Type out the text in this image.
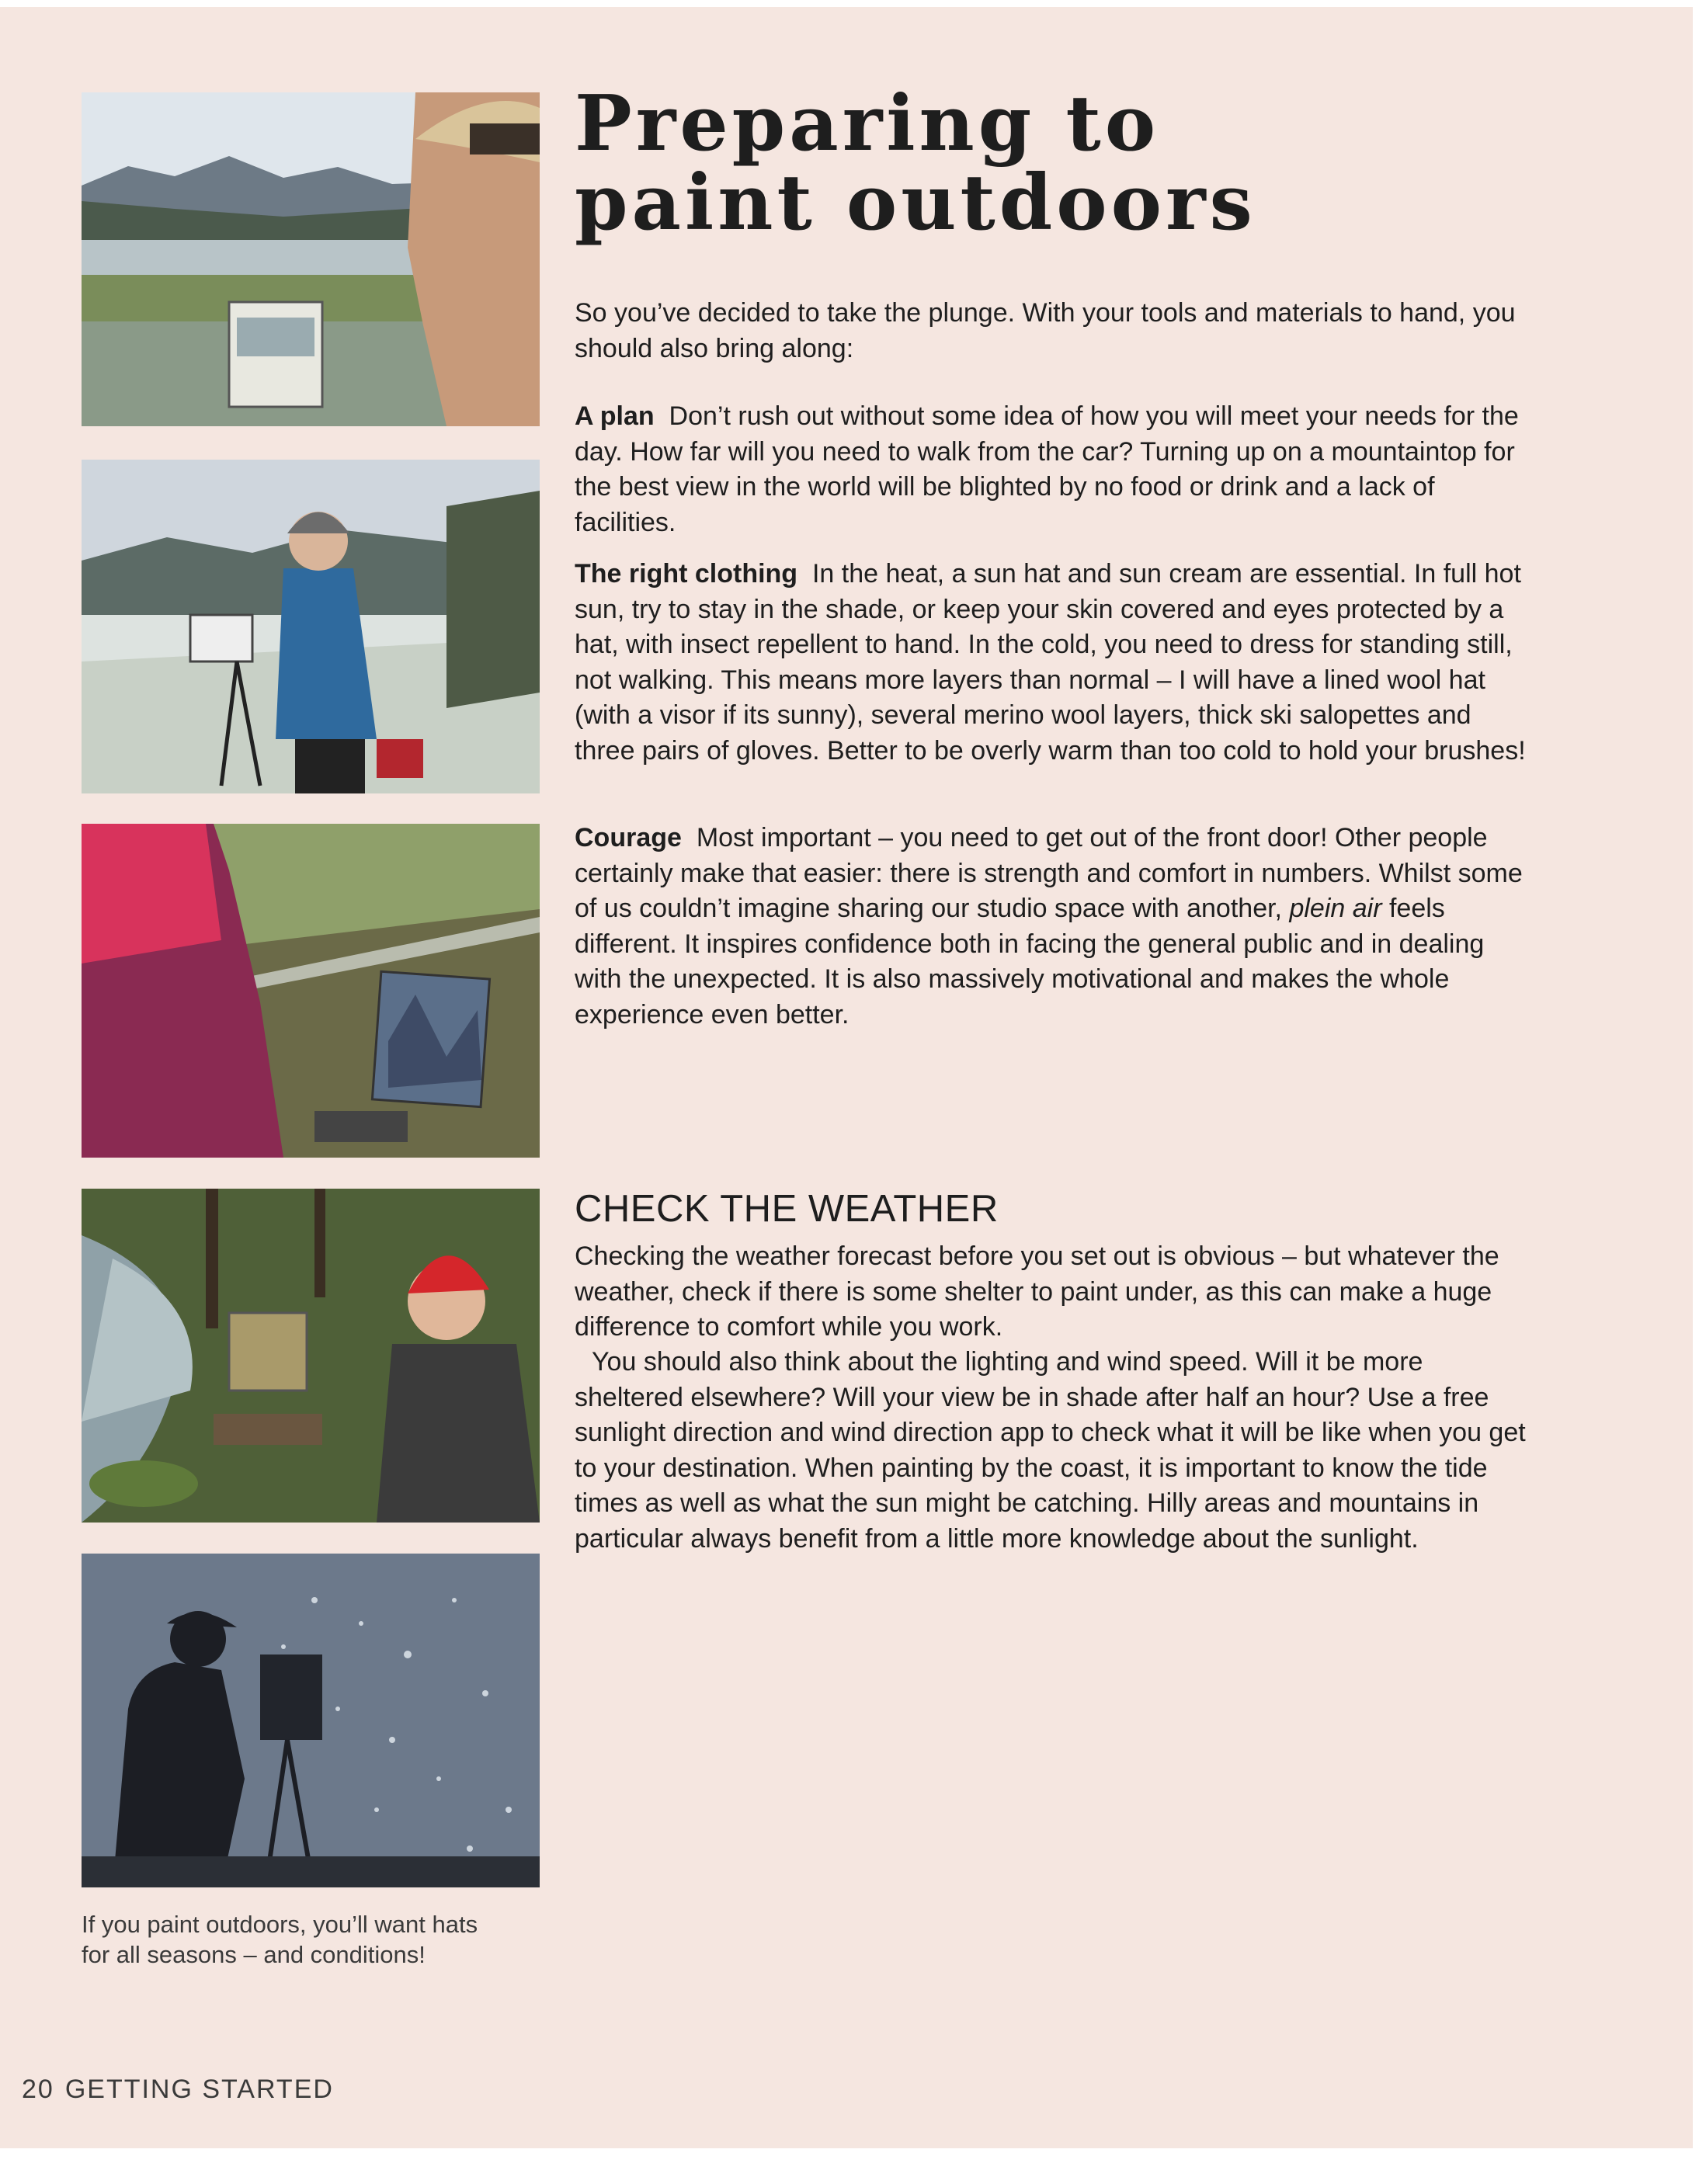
If you paint outdoors, you’ll want hats
for all seasons – and conditions!
Preparing to
paint outdoors

So you’ve decided to take the plunge. With your tools and materials to hand, you should also bring along:

A plan Don’t rush out without some idea of how you will meet your needs for the day. How far will you need to walk from the car? Turning up on a mountaintop for the best view in the world will be blighted by no food or drink and a lack of facilities.

The right clothing In the heat, a sun hat and sun cream are essential. In full hot sun, try to stay in the shade, or keep your skin covered and eyes protected by a hat, with insect repellent to hand. In the cold, you need to dress for standing still, not walking. This means more layers than normal – I will have a lined wool hat (with a visor if its sunny), several merino wool layers, thick ski salopettes and three pairs of gloves. Better to be overly warm than too cold to hold your brushes!

Courage Most important – you need to get out of the front door! Other people certainly make that easier: there is strength and comfort in numbers. Whilst some of us couldn’t imagine sharing our studio space with another, plein air feels different. It inspires confidence both in facing the general public and in dealing with the unexpected. It is also massively motivational and makes the whole experience even better.

CHECK THE WEATHER

Checking the weather forecast before you set out is obvious – but whatever the weather, check if there is some shelter to paint under, as this can make a huge difference to comfort while you work.

You should also think about the lighting and wind speed. Will it be more sheltered elsewhere? Will your view be in shade after half an hour? Use a free sunlight direction and wind direction app to check what it will be like when you get to your destination. When painting by the coast, it is important to know the tide times as well as what the sun might be catching. Hilly areas and mountains in particular always benefit from a little more knowledge about the sunlight.

20 GETTING STARTED
